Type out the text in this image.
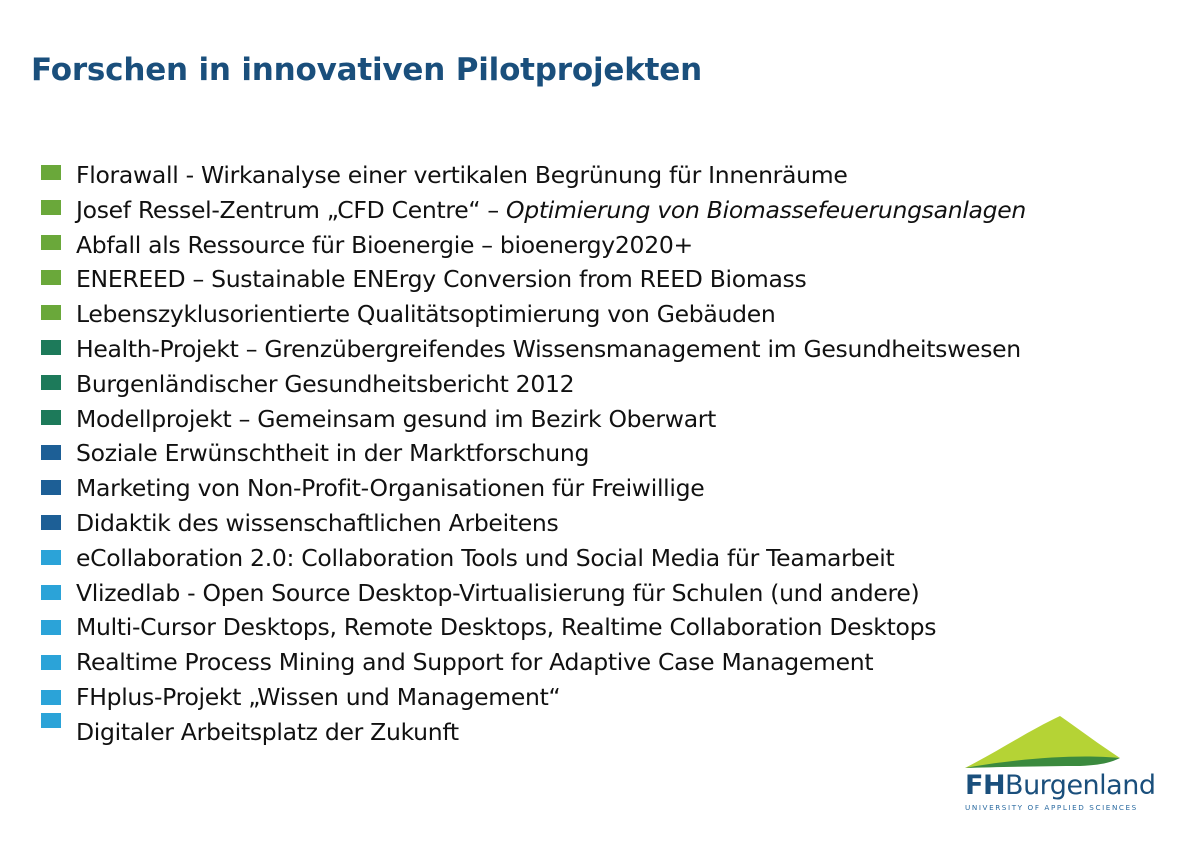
Forschen in innovativen Pilotprojekten
Florawall - Wirkanalyse einer vertikalen Begrünung für Innenräume
Josef Ressel-Zentrum „CFD Centre“ – Optimierung von Biomassefeuerungsanlagen
Abfall als Ressource für Bioenergie – bioenergy2020+
ENEREED – Sustainable ENErgy Conversion from REED Biomass
Lebenszyklusorientierte Qualitätsoptimierung von Gebäuden
Health-Projekt – Grenzübergreifendes Wissensmanagement im Gesundheitswesen
Burgenländischer Gesundheitsbericht 2012
Modellprojekt – Gemeinsam gesund im Bezirk Oberwart
Soziale Erwünschtheit in der Marktforschung
Marketing von Non-Profit-Organisationen für Freiwillige
Didaktik des wissenschaftlichen Arbeitens
eCollaboration 2.0: Collaboration Tools und Social Media für Teamarbeit
Vlizedlab - Open Source Desktop-Virtualisierung für Schulen (und andere)
Multi-Cursor Desktops, Remote Desktops, Realtime Collaboration Desktops
Realtime Process Mining and Support for Adaptive Case Management
FHplus-Projekt „Wissen und Management“
Digitaler Arbeitsplatz der Zukunft
FHBurgenland
UNIVERSITY OF APPLIED SCIENCES
